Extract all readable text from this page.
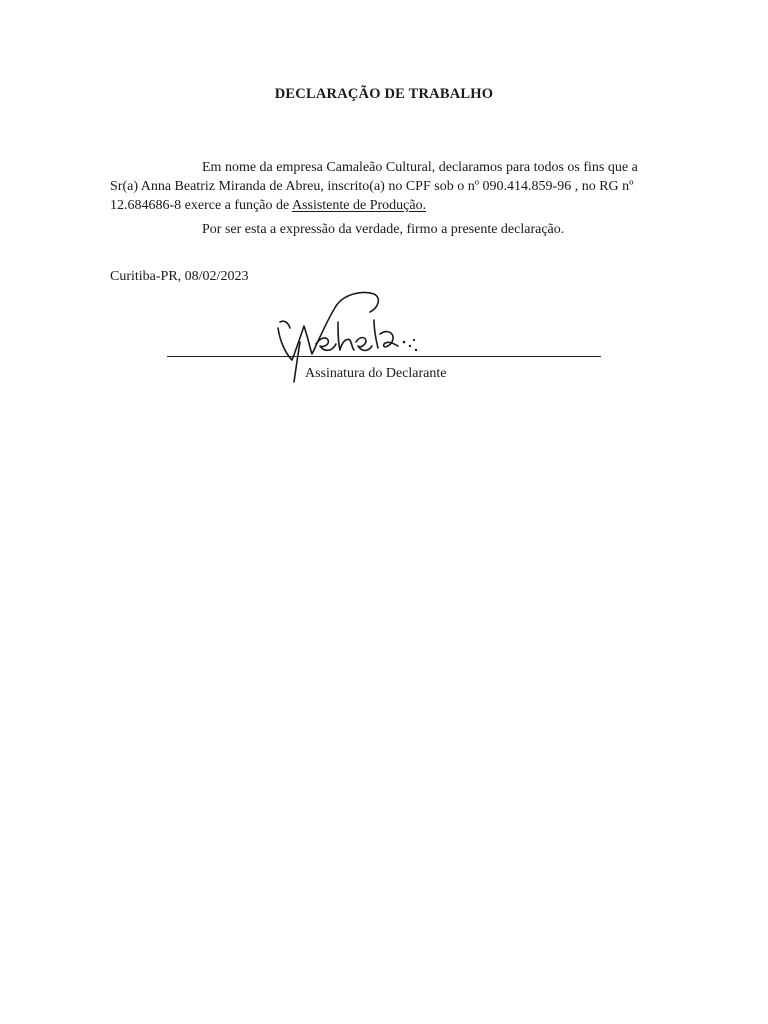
DECLARAÇÃO DE TRABALHO
Em nome da empresa Camaleão Cultural, declaramos para todos os fins que a Sr(a) Anna Beatriz Miranda de Abreu, inscrito(a) no CPF sob o nº 090.414.859-96 , no RG nº 12.684686-8 exerce a função de Assistente de Produção.
Por ser esta a expressão da verdade, firmo a presente declaração.
Curitiba-PR, 08/02/2023
Assinatura do Declarante
